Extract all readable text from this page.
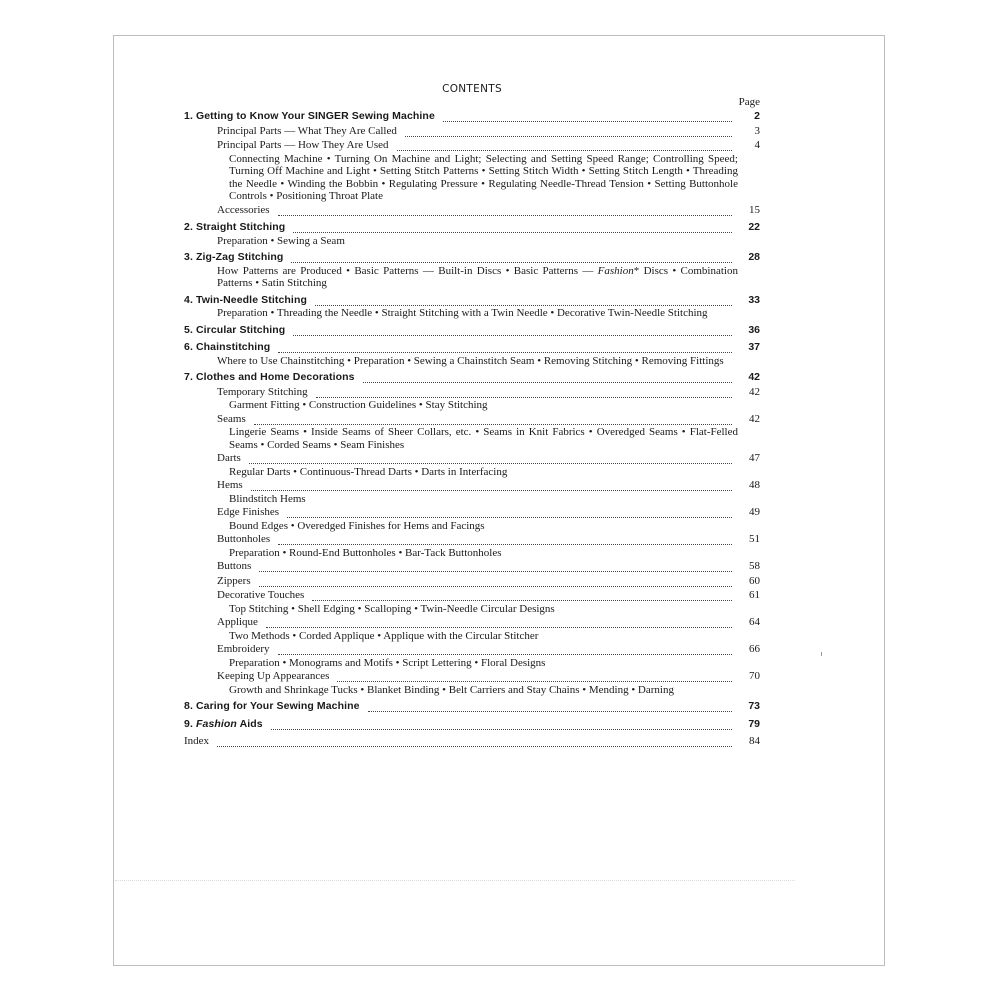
CONTENTS
Page
1. Getting to Know Your SINGER Sewing Machine	2
Principal Parts — What They Are Called	3
Principal Parts — How They Are Used	4
Connecting Machine • Turning On Machine and Light; Selecting and Setting Speed Range; Controlling Speed; Turning Off Machine and Light • Setting Stitch Patterns • Setting Stitch Width • Setting Stitch Length • Threading the Needle • Winding the Bobbin • Regulating Pressure • Regulating Needle-Thread Tension • Setting Buttonhole Controls • Positioning Throat Plate
Accessories	15
2. Straight Stitching	22
Preparation • Sewing a Seam
3. Zig-Zag Stitching	28
How Patterns are Produced • Basic Patterns — Built-in Discs • Basic Patterns — Fashion* Discs • Combination Patterns • Satin Stitching
4. Twin-Needle Stitching	33
Preparation • Threading the Needle • Straight Stitching with a Twin Needle • Decorative Twin-Needle Stitching
5. Circular Stitching	36
6. Chainstitching	37
Where to Use Chainstitching • Preparation • Sewing a Chainstitch Seam • Removing Stitching • Removing Fittings
7. Clothes and Home Decorations	42
Temporary Stitching	42
Garment Fitting • Construction Guidelines • Stay Stitching
Seams	42
Lingerie Seams • Inside Seams of Sheer Collars, etc. • Seams in Knit Fabrics • Overedged Seams • Flat-Felled Seams • Corded Seams • Seam Finishes
Darts	47
Regular Darts • Continuous-Thread Darts • Darts in Interfacing
Hems	48
Blindstitch Hems
Edge Finishes	49
Bound Edges • Overedged Finishes for Hems and Facings
Buttonholes	51
Preparation • Round-End Buttonholes • Bar-Tack Buttonholes
Buttons	58
Zippers	60
Decorative Touches	61
Top Stitching • Shell Edging • Scalloping • Twin-Needle Circular Designs
Applique	64
Two Methods • Corded Applique • Applique with the Circular Stitcher
Embroidery	66
Preparation • Monograms and Motifs • Script Lettering • Floral Designs
Keeping Up Appearances	70
Growth and Shrinkage Tucks • Blanket Binding • Belt Carriers and Stay Chains • Mending • Darning
8. Caring for Your Sewing Machine	73
9. Fashion Aids	79
Index	84
